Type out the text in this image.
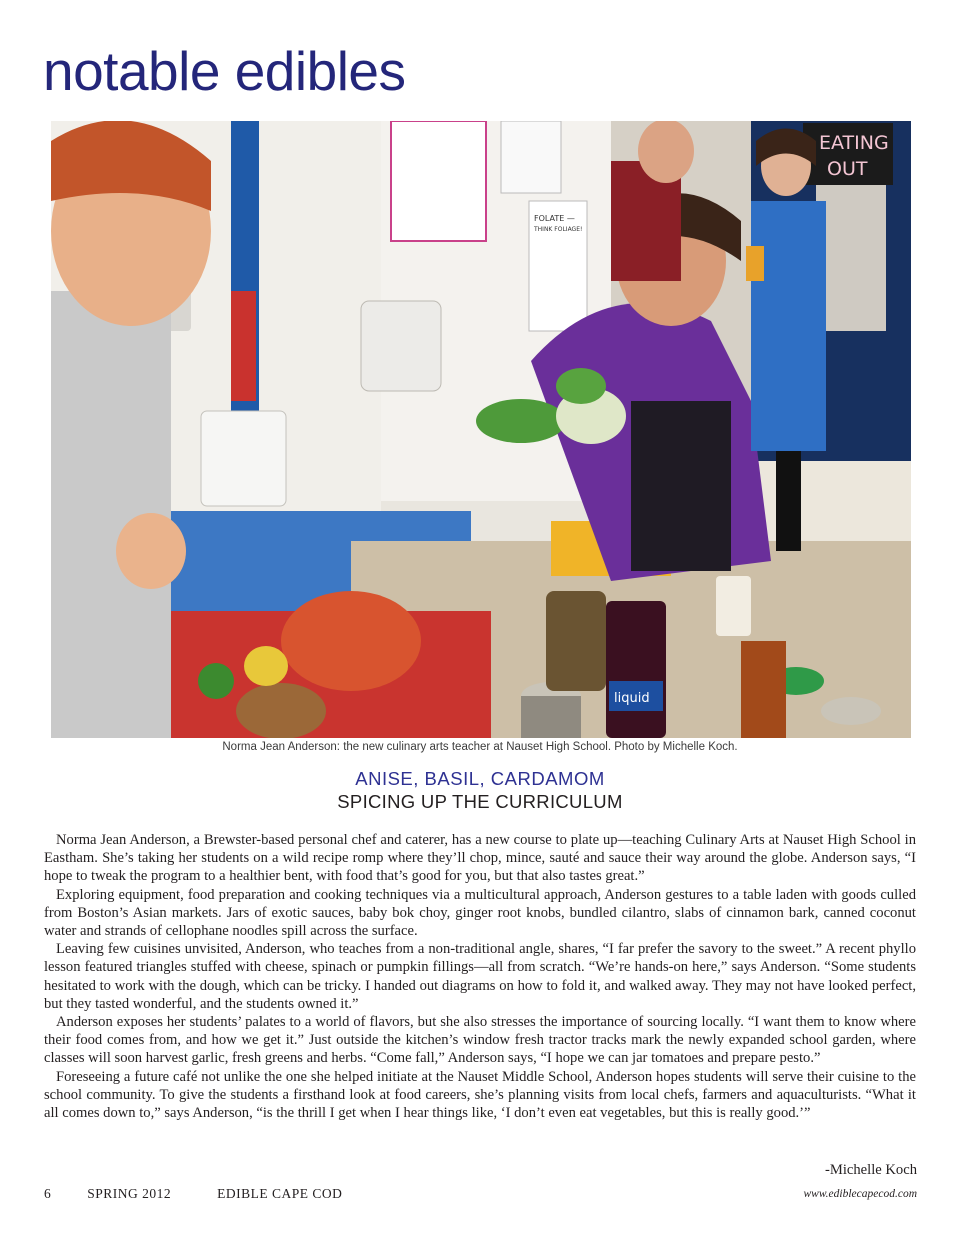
notable edibles
FOLATE —
THINK FOLIAGE!
EATING
OUT
liquid
Norma Jean Anderson: the new culinary arts teacher at Nauset High School. Photo by Michelle Koch.
ANISE, BASIL, CARDAMOM
SPICING UP THE CURRICULUM

Norma Jean Anderson, a Brewster-based personal chef and caterer, has a new course to plate up—teaching Culinary Arts at Nauset High School in Eastham. She’s taking her students on a wild recipe romp where they’ll chop, mince, sauté and sauce their way around the globe. Anderson says, “I hope to tweak the program to a healthier bent, with food that’s good for you, but that also tastes great.”

Exploring equipment, food preparation and cooking techniques via a multicultural approach, Anderson gestures to a table laden with goods culled from Boston’s Asian markets. Jars of exotic sauces, baby bok choy, ginger root knobs, bundled cilantro, slabs of cinnamon bark, canned coconut water and strands of cellophane noodles spill across the surface.

Leaving few cuisines unvisited, Anderson, who teaches from a non-traditional angle, shares, “I far prefer the savory to the sweet.” A recent phyllo lesson featured triangles stuffed with cheese, spinach or pumpkin fillings—all from scratch. “We’re hands-on here,” says Anderson. “Some students hesitated to work with the dough, which can be tricky. I handed out diagrams on how to fold it, and walked away. They may not have looked perfect, but they tasted wonderful, and the students owned it.”

Anderson exposes her students’ palates to a world of flavors, but she also stresses the importance of sourcing locally. “I want them to know where their food comes from, and how we get it.” Just outside the kitchen’s window fresh tractor tracks mark the newly expanded school garden, where classes will soon harvest garlic, fresh greens and herbs. “Come fall,” Anderson says, “I hope we can jar tomatoes and prepare pesto.”

Foreseeing a future café not unlike the one she helped initiate at the Nauset Middle School, Anderson hopes students will serve their cuisine to the school community. To give the students a firsthand look at food careers, she’s planning visits from local chefs, farmers and aquaculturists. “What it all comes down to,” says Anderson, “is the thrill I get when I hear things like, ‘I don’t even eat vegetables, but this is really good.’”

-Michelle Koch
6	SPRING 2012	EDIBLE CAPE COD	www.ediblecapecod.com
